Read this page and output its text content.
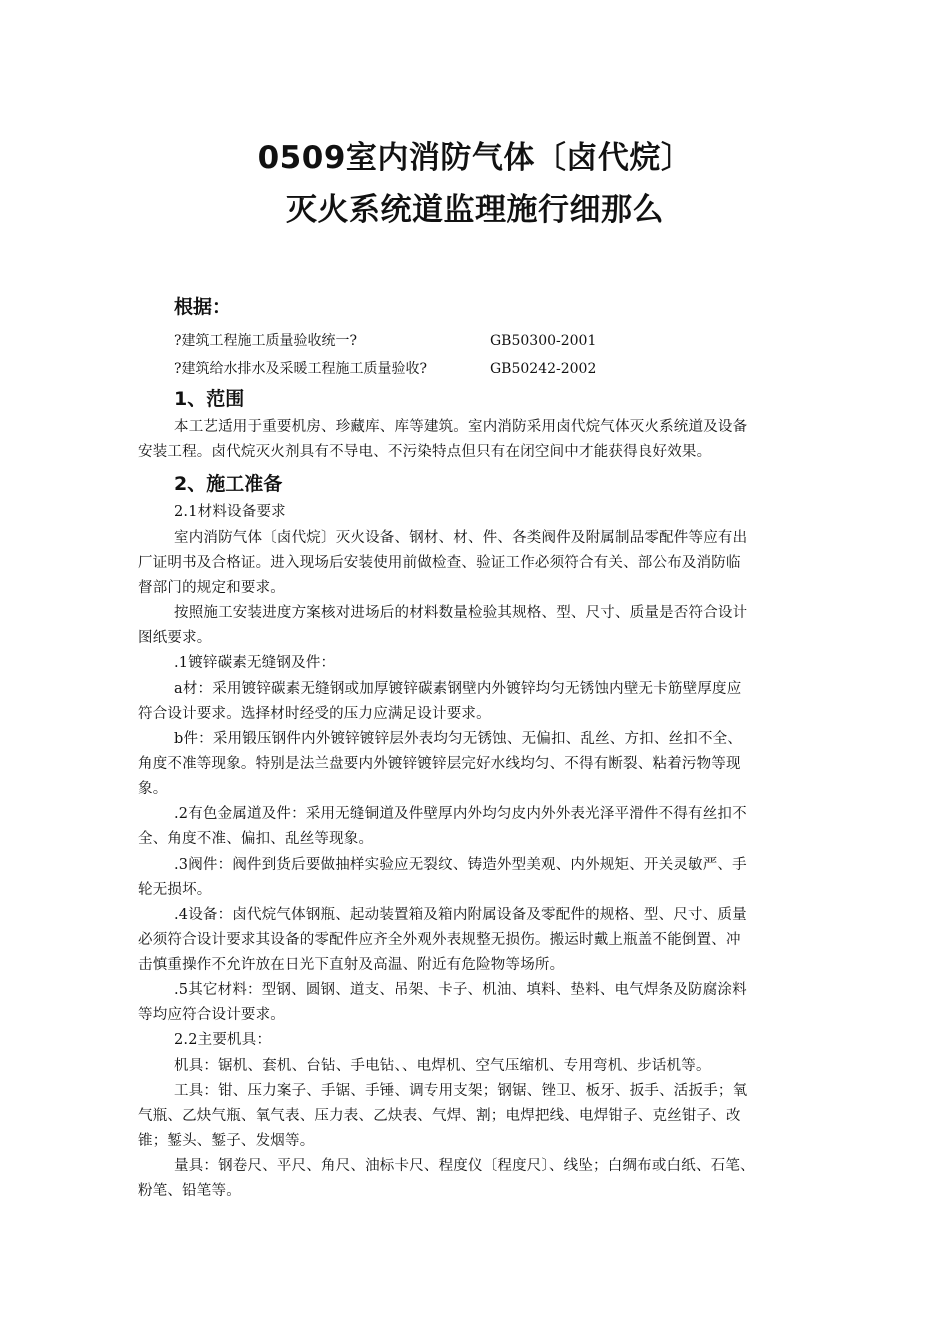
0509室内消防气体〔卤代烷〕
灭火系统道监理施行细那么
根据：
?建筑工程施工质量验收统一?	GB50300-2001
?建筑给水排水及采暖工程施工质量验收?	GB50242-2002
1、范围
本工艺适用于重要机房、珍藏库、库等建筑。室内消防采用卤代烷气体灭火系统道及设备
安装工程。卤代烷灭火剂具有不导电、不污染特点但只有在闭空间中才能获得良好效果。
2、施工准备
2.1材料设备要求
室内消防气体〔卤代烷〕灭火设备、钢材、材、件、各类阀件及附属制品零配件等应有出
厂证明书及合格证。进入现场后安装使用前做检查、验证工作必须符合有关、部公布及消防临
督部门的规定和要求。
按照施工安装进度方案核对进场后的材料数量检验其规格、型、尺寸、质量是否符合设计
图纸要求。
.1镀锌碳素无缝钢及件：
a材：采用镀锌碳素无缝钢或加厚镀锌碳素钢壁内外镀锌均匀无锈蚀内壁无卡筋壁厚度应
符合设计要求。选择材时经受的压力应满足设计要求。
b件：采用锻压钢件内外镀锌镀锌层外表均匀无锈蚀、无偏扣、乱丝、方扣、丝扣不全、
角度不准等现象。特别是法兰盘要内外镀锌镀锌层完好水线均匀、不得有断裂、粘着污物等现
象。
.2有色金属道及件：采用无缝铜道及件壁厚内外均匀皮内外外表光泽平滑件不得有丝扣不
全、角度不准、偏扣、乱丝等现象。
.3阀件：阀件到货后要做抽样实验应无裂纹、铸造外型美观、内外规矩、开关灵敏严、手
轮无损坏。
.4设备：卤代烷气体钢瓶、起动装置箱及箱内附属设备及零配件的规格、型、尺寸、质量
必须符合设计要求其设备的零配件应齐全外观外表规整无损伤。搬运时戴上瓶盖不能倒置、冲
击慎重操作不允许放在日光下直射及高温、附近有危险物等场所。
.5其它材料：型钢、圆钢、道支、吊架、卡子、机油、填料、垫料、电气焊条及防腐涂料
等均应符合设计要求。
2.2主要机具：
机具：锯机、套机、台钻、手电钻、、电焊机、空气压缩机、专用弯机、步话机等。
工具：钳、压力案子、手锯、手锤、调专用支架；钢锯、锉卫、板牙、扳手、活扳手；氧
气瓶、乙炔气瓶、氧气表、压力表、乙炔表、气焊、割；电焊把线、电焊钳子、克丝钳子、改
锥；錾头、錾子、发烟等。
量具：钢卷尺、平尺、角尺、油标卡尺、程度仪〔程度尺〕、线坠；白绸布或白纸、石笔、
粉笔、铅笔等。
